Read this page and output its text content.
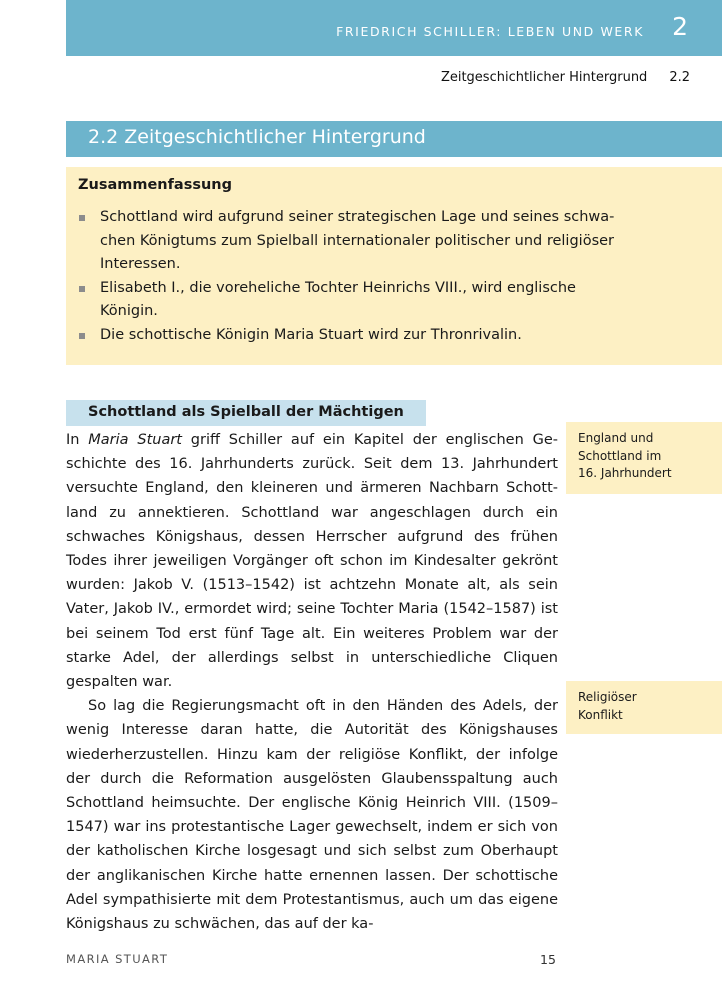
FRIEDRICH SCHILLER: LEBEN UND WERK 2
Zeitgeschichtlicher Hintergrund 2.2
2.2 Zeitgeschichtlicher Hintergrund
Zusammenfassung
Schottland wird aufgrund seiner strategischen Lage und seines schwachen Königtums zum Spielball internationaler politischer und religiöser Interessen.
Elisabeth I., die voreheliche Tochter Heinrichs VIII., wird englische Königin.
Die schottische Königin Maria Stuart wird zur Thronrivalin.
Schottland als Spielball der Mächtigen

In Maria Stuart griff Schiller auf ein Kapitel der englischen Geschichte des 16. Jahrhunderts zurück. Seit dem 13. Jahrhundert versuchte England, den kleineren und ärmeren Nachbarn Schottland zu annektieren. Schottland war angeschlagen durch ein schwaches Königshaus, dessen Herrscher aufgrund des frühen Todes ihrer jeweiligen Vorgänger oft schon im Kindesalter gekrönt wurden: Jakob V. (1513–1542) ist achtzehn Monate alt, als sein Vater, Jakob IV., ermordet wird; seine Tochter Maria (1542–1587) ist bei seinem Tod erst fünf Tage alt. Ein weiteres Problem war der starke Adel, der allerdings selbst in unterschiedliche Cliquen gespalten war.

So lag die Regierungsmacht oft in den Händen des Adels, der wenig Interesse daran hatte, die Autorität des Königshauses wiederherzustellen. Hinzu kam der religiöse Konflikt, der infolge der durch die Reformation ausgelösten Glaubensspaltung auch Schottland heimsuchte. Der englische König Heinrich VIII. (1509–1547) war ins protestantische Lager gewechselt, indem er sich von der katholischen Kirche losgesagt und sich selbst zum Oberhaupt der anglikanischen Kirche hatte ernennen lassen. Der schottische Adel sympathisierte mit dem Protestantismus, auch um das eigene Königshaus zu schwächen, das auf der ka-

England und
Schottland im
16. Jahrhundert
Religiöser
Konflikt
MARIA STUART	15
